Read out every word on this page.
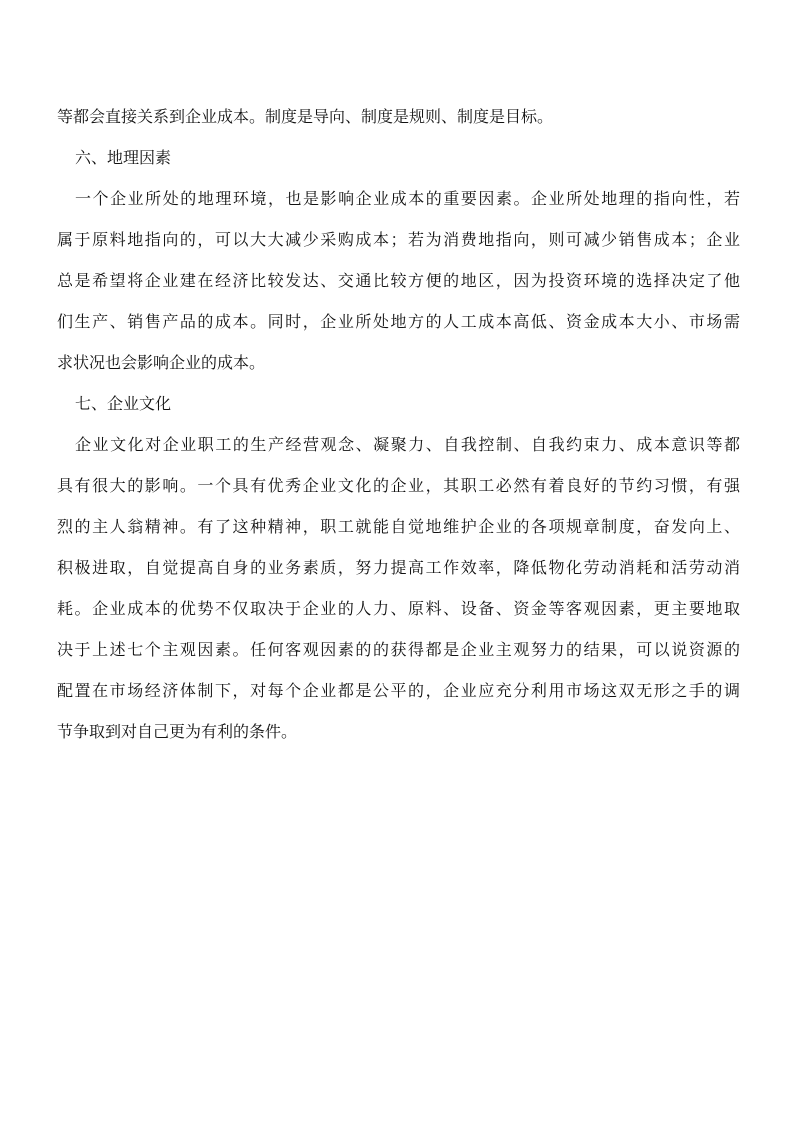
等都会直接关系到企业成本。制度是导向、制度是规则、制度是目标。
六、地理因素
一个企业所处的地理环境，也是影响企业成本的重要因素。企业所处地理的指向性，若
属于原料地指向的，可以大大减少采购成本；若为消费地指向，则可减少销售成本；企业
总是希望将企业建在经济比较发达、交通比较方便的地区，因为投资环境的选择决定了他
们生产、销售产品的成本。同时，企业所处地方的人工成本高低、资金成本大小、市场需
求状况也会影响企业的成本。
七、企业文化
企业文化对企业职工的生产经营观念、凝聚力、自我控制、自我约束力、成本意识等都
具有很大的影响。一个具有优秀企业文化的企业，其职工必然有着良好的节约习惯，有强
烈的主人翁精神。有了这种精神，职工就能自觉地维护企业的各项规章制度，奋发向上、
积极进取，自觉提高自身的业务素质，努力提高工作效率，降低物化劳动消耗和活劳动消
耗。企业成本的优势不仅取决于企业的人力、原料、设备、资金等客观因素，更主要地取
决于上述七个主观因素。任何客观因素的的获得都是企业主观努力的结果，可以说资源的
配置在市场经济体制下，对每个企业都是公平的，企业应充分利用市场这双无形之手的调
节争取到对自己更为有利的条件。
